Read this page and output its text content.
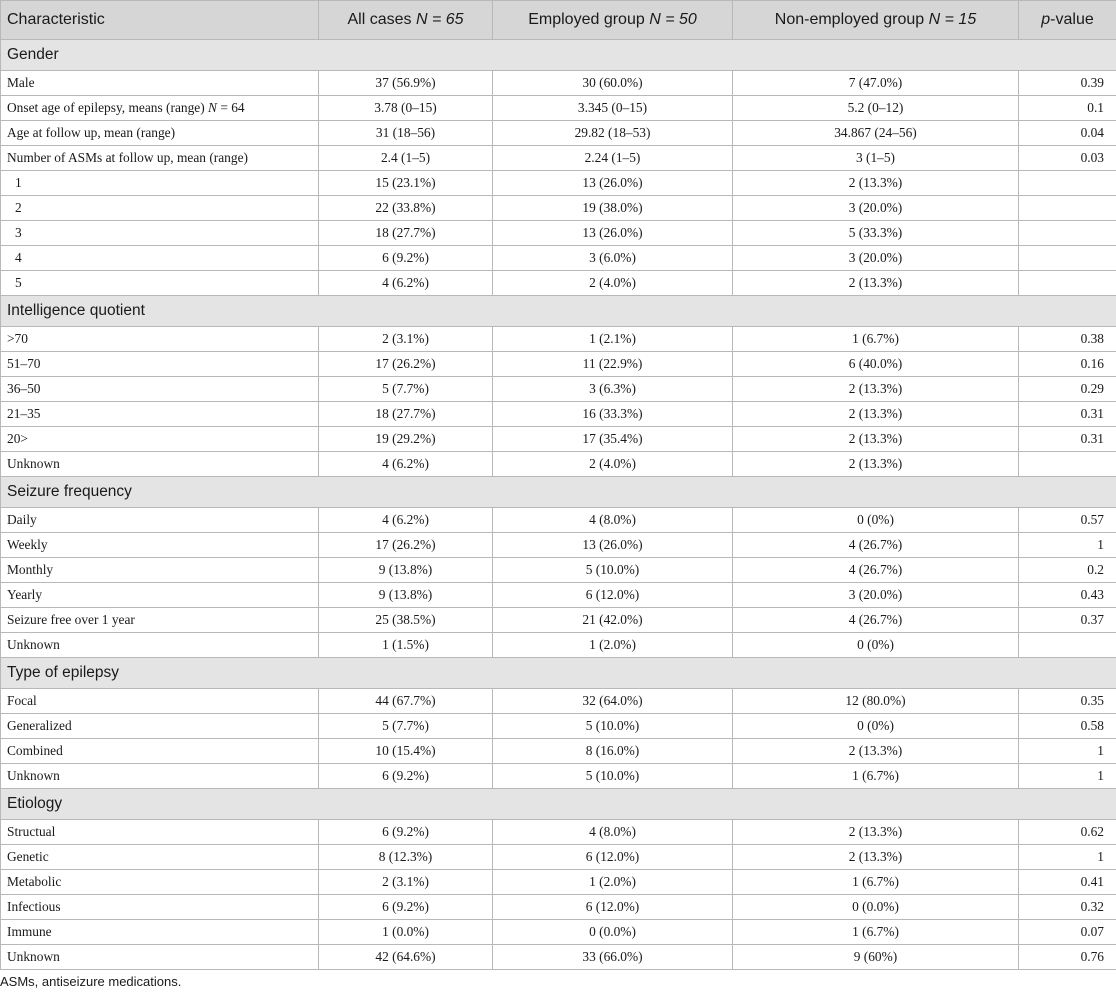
Characteristic	All cases N = 65	Employed group N = 50	Non-employed group N = 15	p-value
Gender				
Male	37 (56.9%)	30 (60.0%)	7 (47.0%)	0.39
Onset age of epilepsy, means (range) N = 64	3.78 (0–15)	3.345 (0–15)	5.2 (0–12)	0.1
Age at follow up, mean (range)	31 (18–56)	29.82 (18–53)	34.867 (24–56)	0.04
Number of ASMs at follow up, mean (range)	2.4 (1–5)	2.24 (1–5)	3 (1–5)	0.03
1	15 (23.1%)	13 (26.0%)	2 (13.3%)	
2	22 (33.8%)	19 (38.0%)	3 (20.0%)	
3	18 (27.7%)	13 (26.0%)	5 (33.3%)	
4	6 (9.2%)	3 (6.0%)	3 (20.0%)	
5	4 (6.2%)	2 (4.0%)	2 (13.3%)	
Intelligence quotient				
>70	2 (3.1%)	1 (2.1%)	1 (6.7%)	0.38
51–70	17 (26.2%)	11 (22.9%)	6 (40.0%)	0.16
36–50	5 (7.7%)	3 (6.3%)	2 (13.3%)	0.29
21–35	18 (27.7%)	16 (33.3%)	2 (13.3%)	0.31
20>	19 (29.2%)	17 (35.4%)	2 (13.3%)	0.31
Unknown	4 (6.2%)	2 (4.0%)	2 (13.3%)	
Seizure frequency				
Daily	4 (6.2%)	4 (8.0%)	0 (0%)	0.57
Weekly	17 (26.2%)	13 (26.0%)	4 (26.7%)	1
Monthly	9 (13.8%)	5 (10.0%)	4 (26.7%)	0.2
Yearly	9 (13.8%)	6 (12.0%)	3 (20.0%)	0.43
Seizure free over 1 year	25 (38.5%)	21 (42.0%)	4 (26.7%)	0.37
Unknown	1 (1.5%)	1 (2.0%)	0 (0%)	
Type of epilepsy				
Focal	44 (67.7%)	32 (64.0%)	12 (80.0%)	0.35
Generalized	5 (7.7%)	5 (10.0%)	0 (0%)	0.58
Combined	10 (15.4%)	8 (16.0%)	2 (13.3%)	1
Unknown	6 (9.2%)	5 (10.0%)	1 (6.7%)	1
Etiology				
Structual	6 (9.2%)	4 (8.0%)	2 (13.3%)	0.62
Genetic	8 (12.3%)	6 (12.0%)	2 (13.3%)	1
Metabolic	2 (3.1%)	1 (2.0%)	1 (6.7%)	0.41
Infectious	6 (9.2%)	6 (12.0%)	0 (0.0%)	0.32
Immune	1 (0.0%)	0 (0.0%)	1 (6.7%)	0.07
Unknown	42 (64.6%)	33 (66.0%)	9 (60%)	0.76
ASMs, antiseizure medications.
